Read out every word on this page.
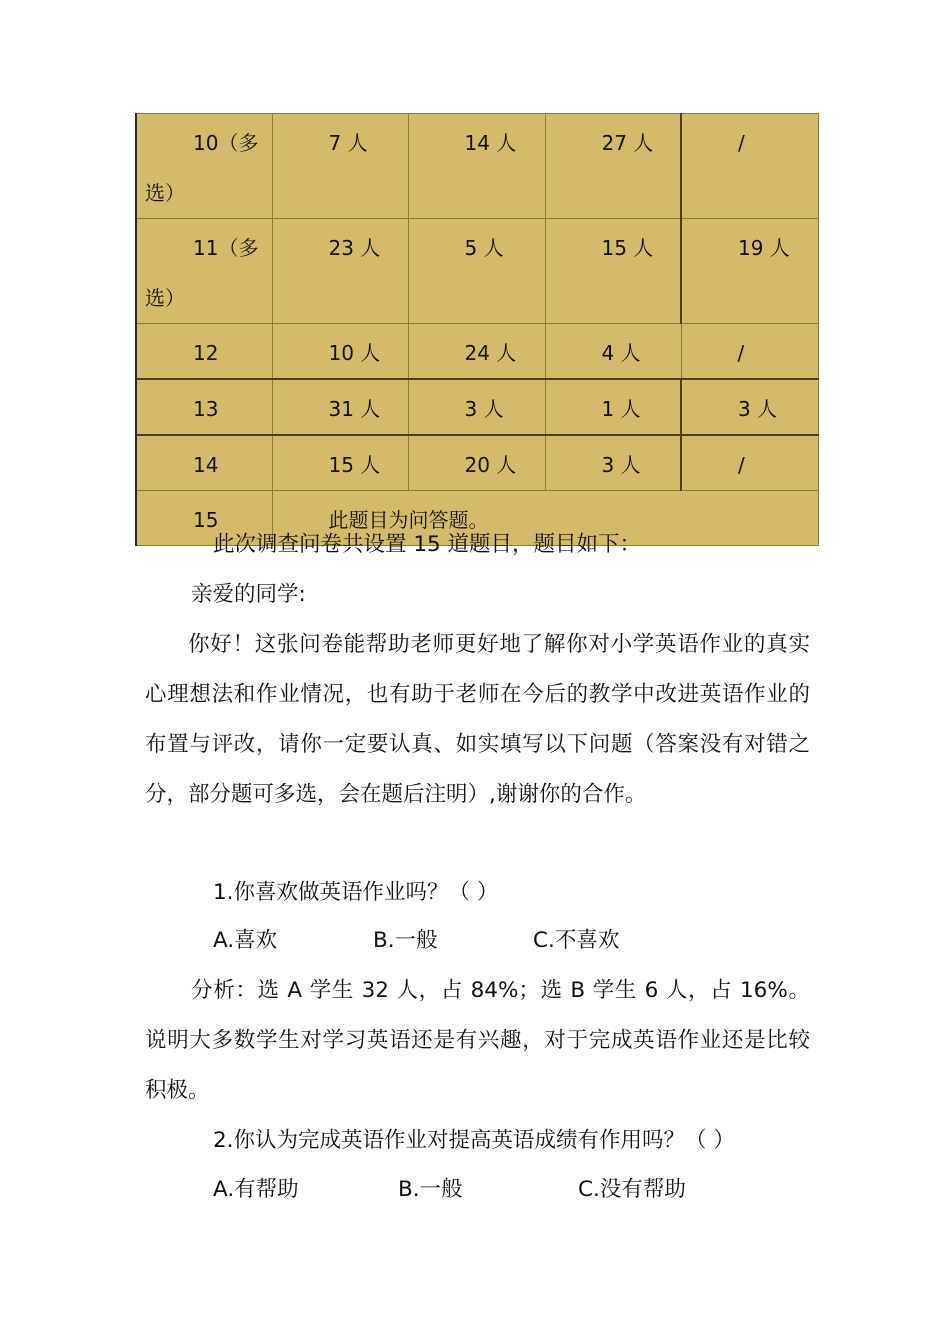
10（多
选）	7 人	14 人	27 人	/

11（多
选）	23 人	5 人	15 人	19 人
12	10 人	24 人	4 人	/
13	31 人	3 人	1 人	3 人
14	15 人	20 人	3 人	/
15	此题目为问答题。			

此次调查问卷共设置 15 道题目，题目如下：

亲爱的同学:

你好！这张问卷能帮助老师更好地了解你对小学英语作业的真实心理想法和作业情况，也有助于老师在今后的教学中改进英语作业的布置与评改，请你一定要认真、如实填写以下问题（答案没有对错之分，部分题可多选，会在题后注明）,谢谢你的合作。

1.你喜欢做英语作业吗？（ ）

A.喜欢	B.一般	C.不喜欢

分析：选 A 学生 32 人，占 84%；选 B 学生 6 人，占 16%。说明大多数学生对学习英语还是有兴趣，对于完成英语作业还是比较积极。

2.你认为完成英语作业对提高英语成绩有作用吗？（ ）

A.有帮助	B.一般	C.没有帮助
